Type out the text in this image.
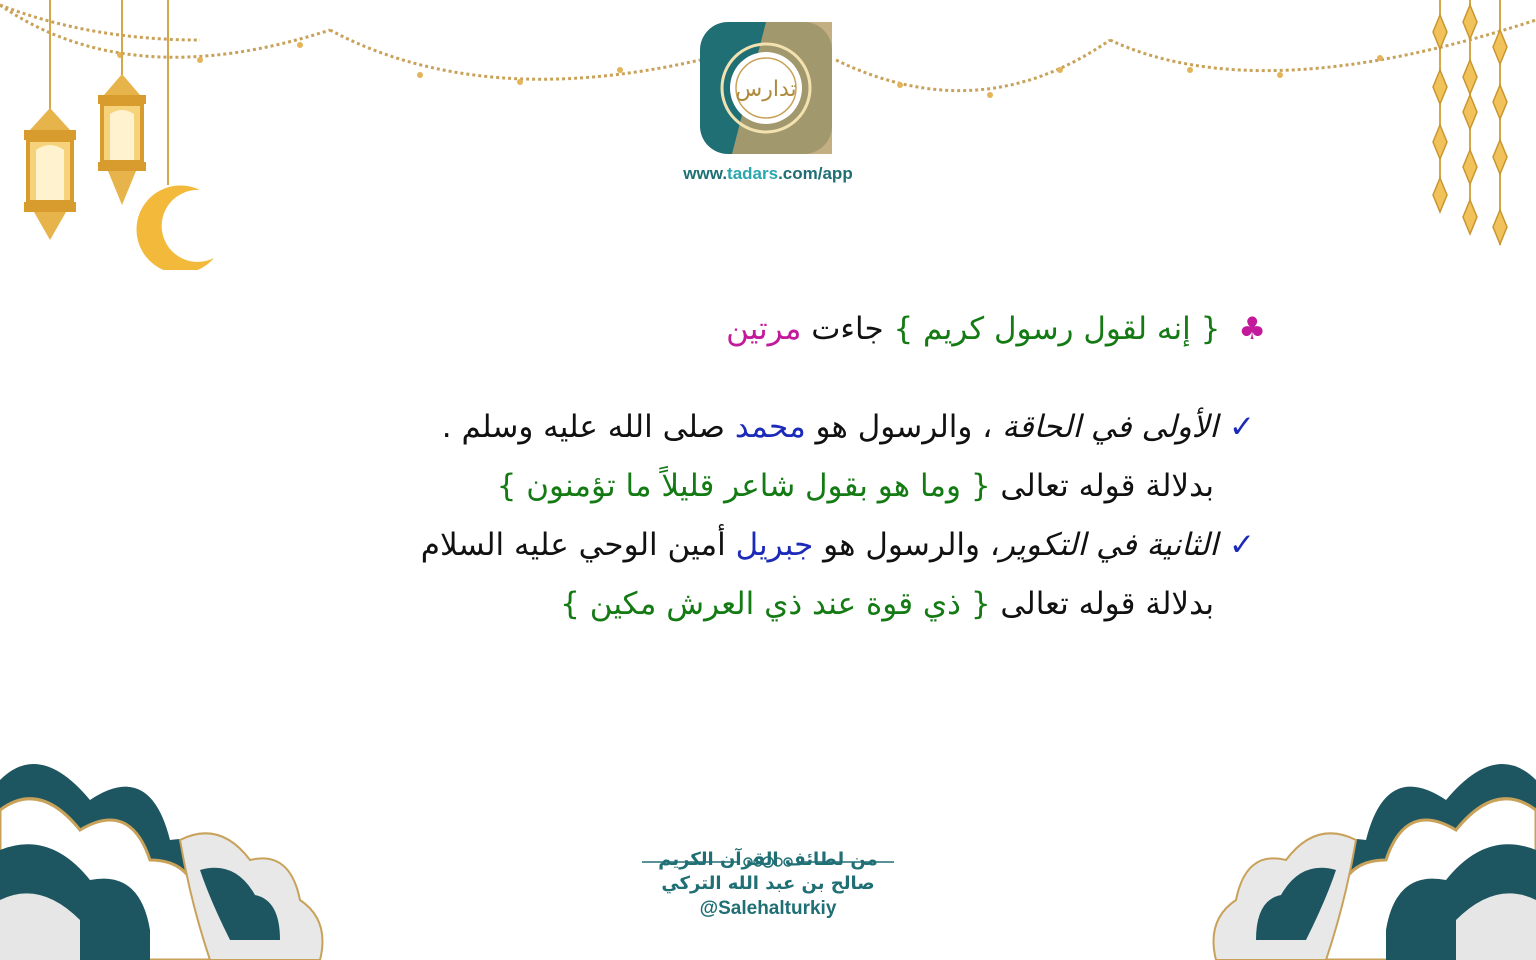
تدارس
www.tadars.com/app
♣ { إنه لقول رسول كريم } جاءت مرتين
✓الأولى في الحاقة ، والرسول هو محمد صلى الله عليه وسلم .
بدلالة قوله تعالى { وما هو بقول شاعر قليلاً ما تؤمنون }
✓الثانية في التكوير، والرسول هو جبريل أمين الوحي عليه السلام
بدلالة قوله تعالى { ذي قوة عند ذي العرش مكين }
من لطائف القرآن الكريم
صالح بن عبد الله التركي
@Salehalturkiy
